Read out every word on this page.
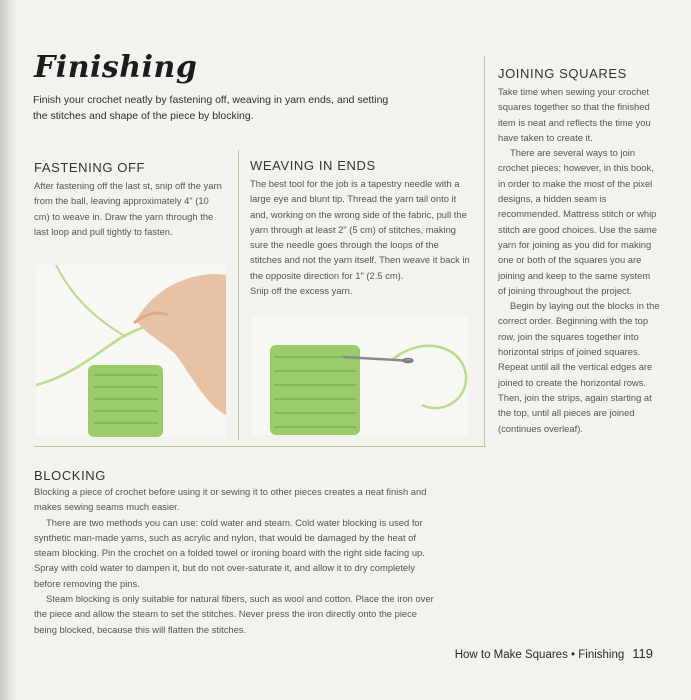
Finishing
Finish your crochet neatly by fastening off, weaving in yarn ends, and setting the stitches and shape of the piece by blocking.
FASTENING OFF

After fastening off the last st, snip off the yarn from the ball, leaving approximately 4" (10 cm) to weave in. Draw the yarn through the last loop and pull tightly to fasten.

WEAVING IN ENDS

The best tool for the job is a tapestry needle with a large eye and blunt tip. Thread the yarn tail onto it and, working on the wrong side of the fabric, pull the yarn through at least 2" (5 cm) of stitches, making sure the needle goes through the loops of the stitches and not the yarn itself. Then weave it back in the opposite direction for 1" (2.5 cm).

Snip off the excess yarn.

JOINING SQUARES

Take time when sewing your crochet squares together so that the finished item is neat and reflects the time you have taken to create it.

There are several ways to join crochet pieces; however, in this book, in order to make the most of the pixel designs, a hidden seam is recommended. Mattress stitch or whip stitch are good choices. Use the same yarn for joining as you did for making one or both of the squares you are joining and keep to the same system of joining throughout the project.

Begin by laying out the blocks in the correct order. Beginning with the top row, join the squares together into horizontal strips of joined squares. Repeat until all the vertical edges are joined to create the horizontal rows. Then, join the strips, again starting at the top, until all pieces are joined (continues overleaf).

BLOCKING

Blocking a piece of crochet before using it or sewing it to other pieces creates a neat finish and makes sewing seams much easier.

There are two methods you can use: cold water and steam. Cold water blocking is used for synthetic man-made yarns, such as acrylic and nylon, that would be damaged by the heat of steam blocking. Pin the crochet on a folded towel or ironing board with the right side facing up. Spray with cold water to dampen it, but do not over-saturate it, and allow it to dry completely before removing the pins.

Steam blocking is only suitable for natural fibers, such as wool and cotton. Place the iron over the piece and allow the steam to set the stitches. Never press the iron directly onto the piece being blocked, because this will flatten the stitches.

How to Make Squares • Finishing 119
